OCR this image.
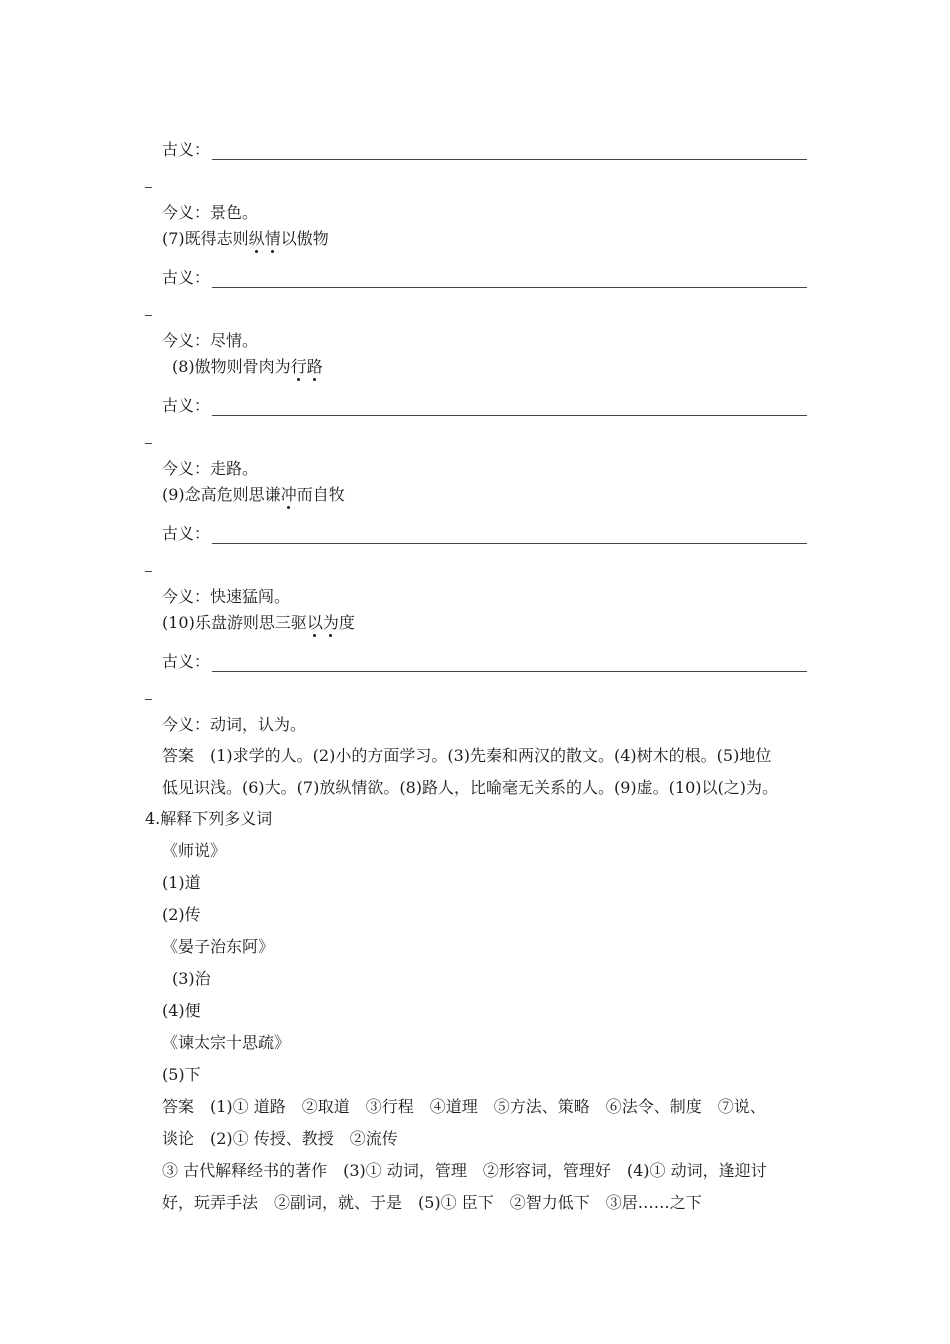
古义：
今义：景色。
(7)既得志则纵情以傲物
古义：
今义：尽情。
(8)傲物则骨肉为行路
古义：
今义：走路。
(9)念高危则思谦冲而自牧
古义：
今义：快速猛闯。
(10)乐盘游则思三驱以为度
古义：
今义：动词，认为。
答案　(1)求学的人。(2)小的方面学习。(3)先秦和两汉的散文。(4)树木的根。(5)地位
低见识浅。(6)大。(7)放纵情欲。(8)路人，比喻毫无关系的人。(9)虚。(10)以(之)为。
4.解释下列多义词
《师说》
(1)道
(2)传
《晏子治东阿》
(3)治
(4)便
《谏太宗十思疏》
(5)下
答案　(1)① 道路　②取道　③行程　④道理　⑤方法、策略　⑥法令、制度　⑦说、
谈论　(2)① 传授、教授　②流传
③ 古代解释经书的著作　(3)① 动词，管理　②形容词，管理好　(4)① 动词，逢迎讨
好，玩弄手法　②副词，就、于是　(5)① 臣下　②智力低下　③居……之下
